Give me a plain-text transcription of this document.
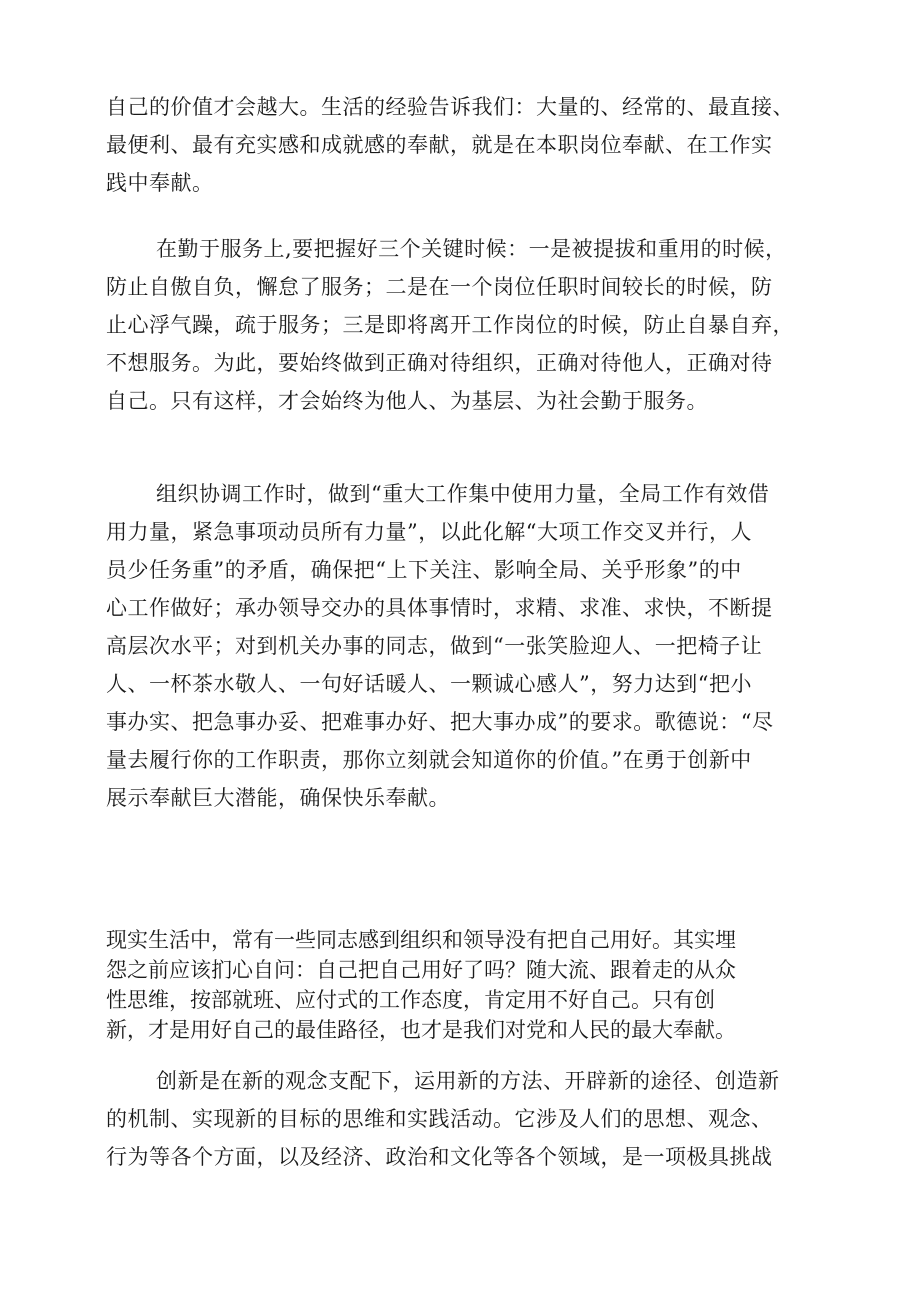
自己的价值才会越大。生活的经验告诉我们：大量的、经常的、最直接、
最便利、最有充实感和成就感的奉献，就是在本职岗位奉献、在工作实
践中奉献。
在勤于服务上,要把握好三个关键时候：一是被提拔和重用的时候，
防止自傲自负，懈怠了服务；二是在一个岗位任职时间较长的时候，防
止心浮气躁，疏于服务；三是即将离开工作岗位的时候，防止自暴自弃，
不想服务。为此，要始终做到正确对待组织，正确对待他人，正确对待
自己。只有这样，才会始终为他人、为基层、为社会勤于服务。
组织协调工作时，做到“重大工作集中使用力量，全局工作有效借
用力量，紧急事项动员所有力量”，以此化解“大项工作交叉并行，人
员少任务重”的矛盾，确保把“上下关注、影响全局、关乎形象”的中
心工作做好；承办领导交办的具体事情时，求精、求准、求快，不断提
高层次水平；对到机关办事的同志，做到“一张笑脸迎人、一把椅子让
人、一杯茶水敬人、一句好话暖人、一颗诚心感人”，努力达到“把小
事办实、把急事办妥、把难事办好、把大事办成”的要求。歌德说：“尽
量去履行你的工作职责，那你立刻就会知道你的价值。”在勇于创新中
展示奉献巨大潜能，确保快乐奉献。
现实生活中，常有一些同志感到组织和领导没有把自己用好。其实埋
怨之前应该扪心自问：自己把自己用好了吗？随大流、跟着走的从众
性思维，按部就班、应付式的工作态度，肯定用不好自己。只有创
新，才是用好自己的最佳路径，也才是我们对党和人民的最大奉献。
创新是在新的观念支配下，运用新的方法、开辟新的途径、创造新
的机制、实现新的目标的思维和实践活动。它涉及人们的思想、观念、
行为等各个方面，以及经济、政治和文化等各个领域，是一项极具挑战
